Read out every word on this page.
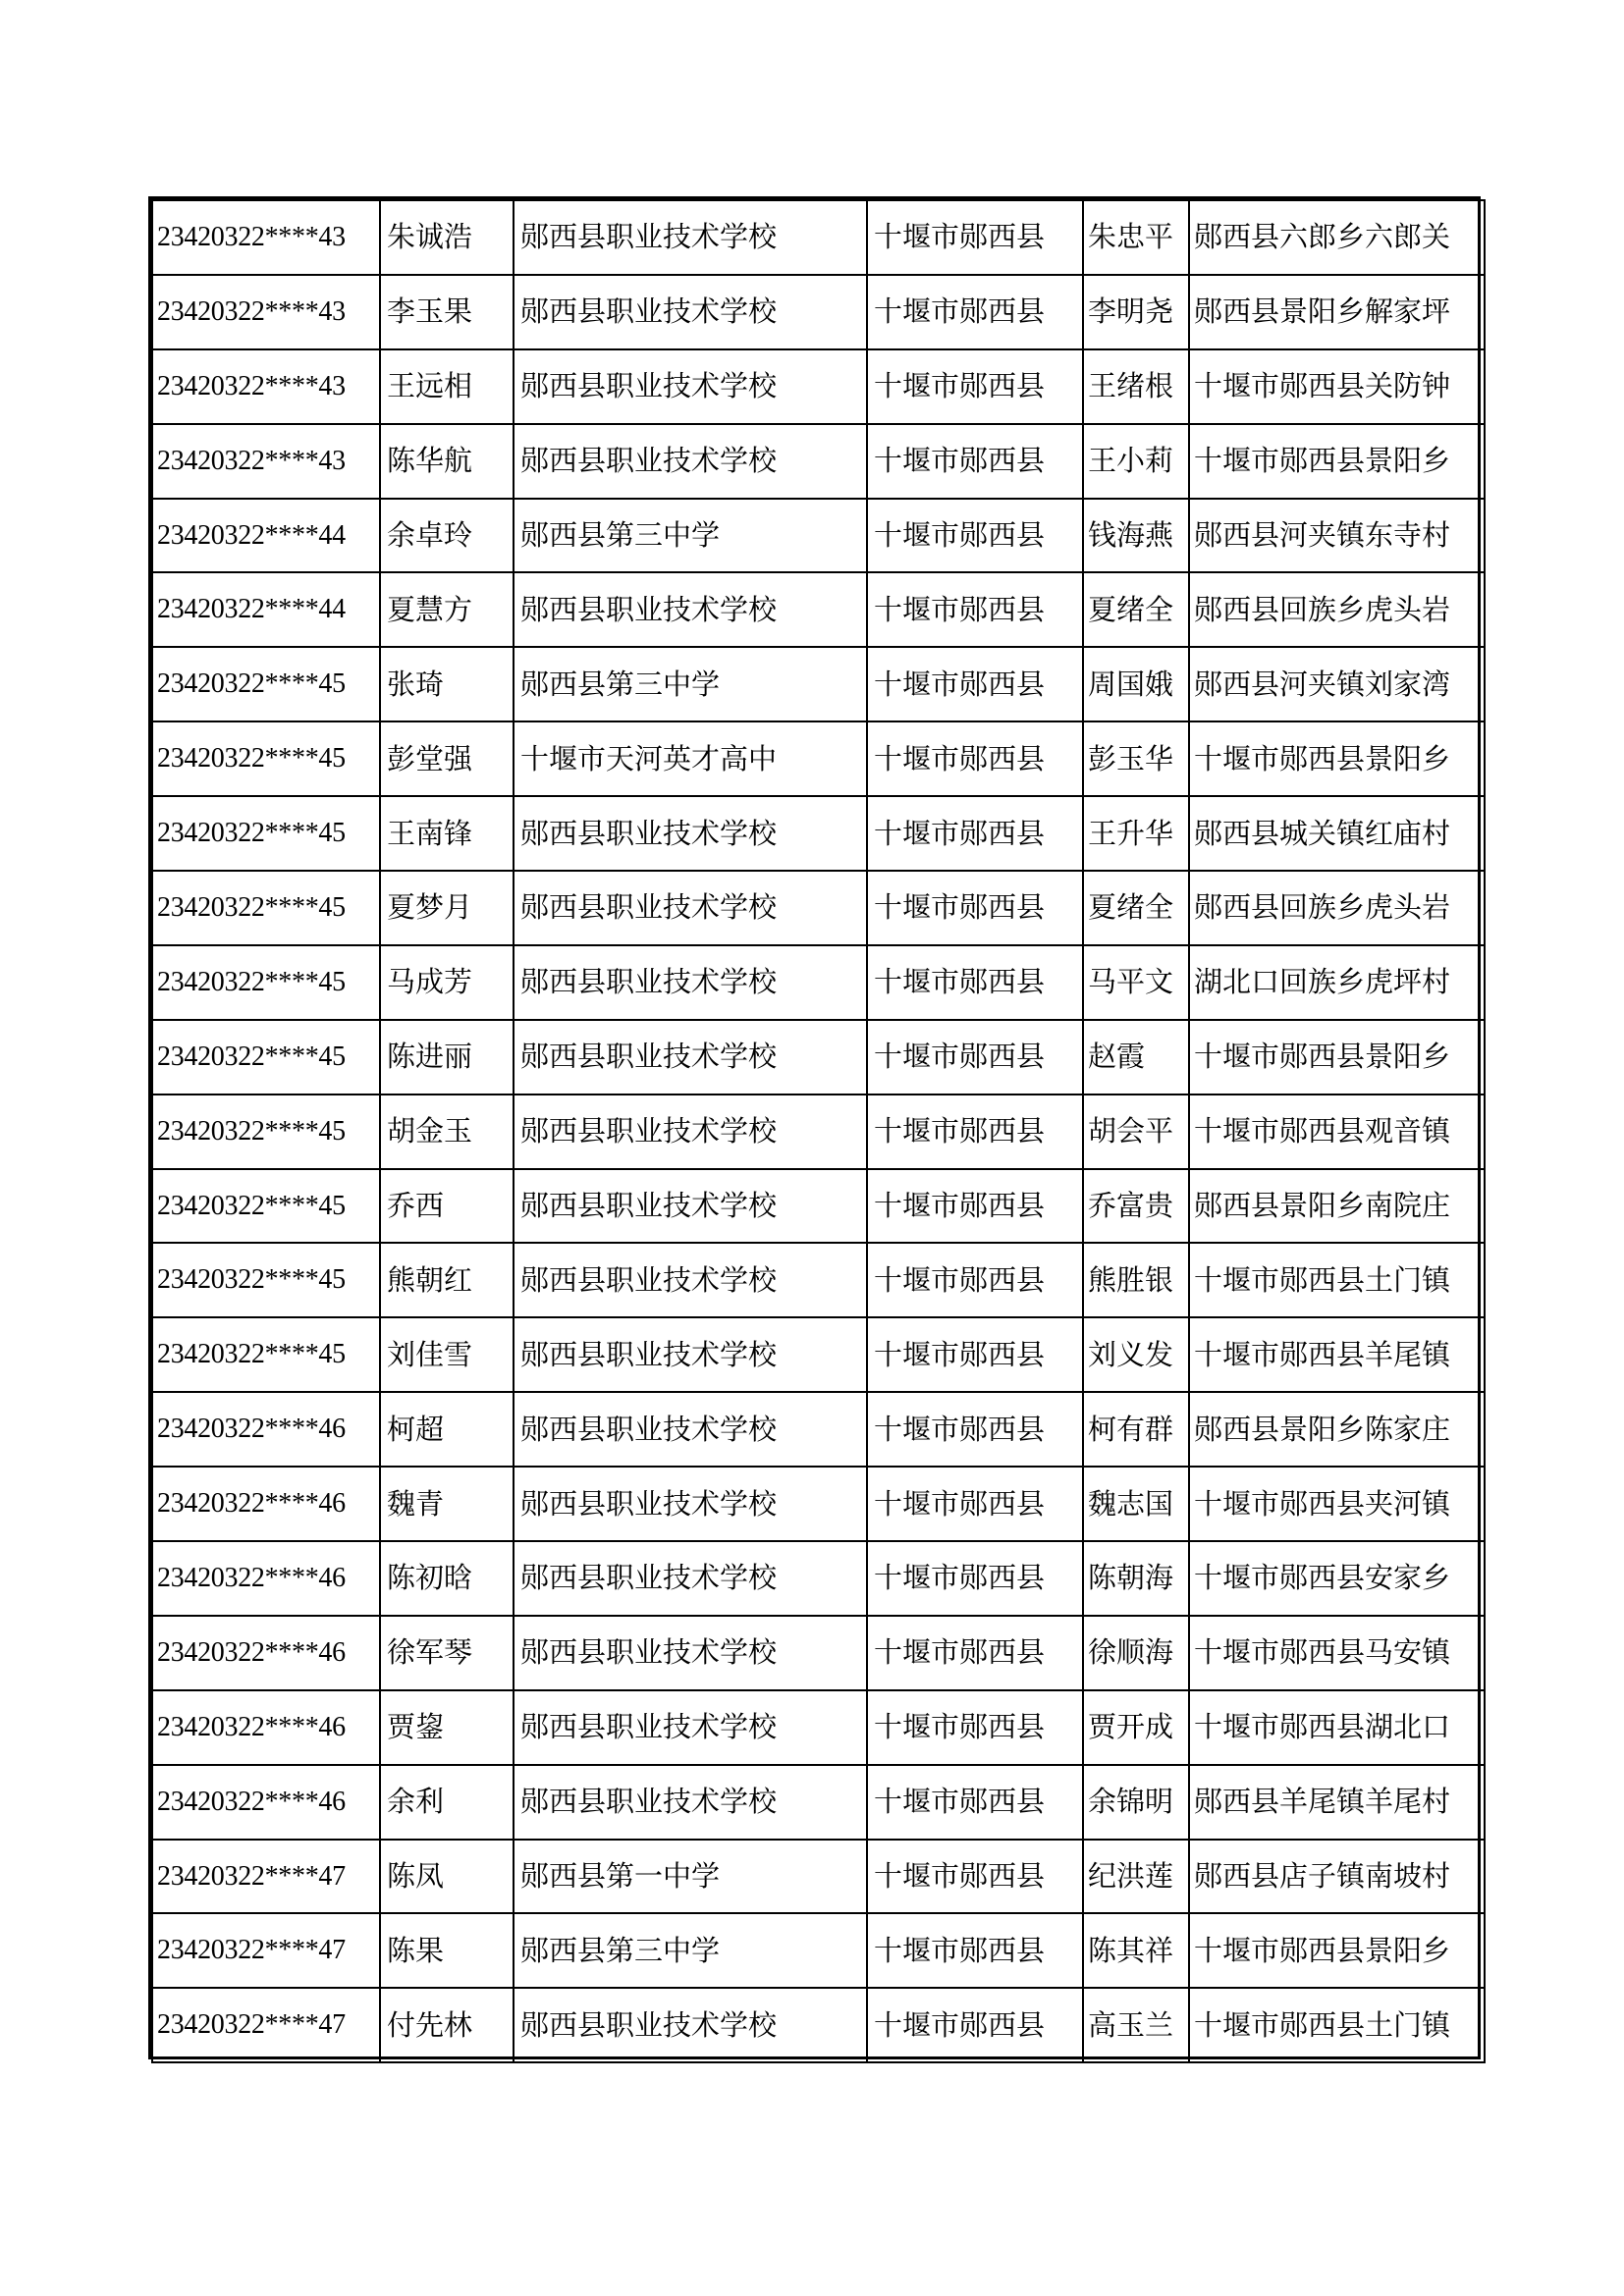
23420322****43	朱诚浩	郧西县职业技术学校	十堰市郧西县	朱忠平	郧西县六郎乡六郎关
23420322****43	李玉果	郧西县职业技术学校	十堰市郧西县	李明尧	郧西县景阳乡解家坪
23420322****43	王远相	郧西县职业技术学校	十堰市郧西县	王绪根	十堰市郧西县关防钟
23420322****43	陈华航	郧西县职业技术学校	十堰市郧西县	王小莉	十堰市郧西县景阳乡
23420322****44	余卓玲	郧西县第三中学	十堰市郧西县	钱海燕	郧西县河夹镇东寺村
23420322****44	夏慧方	郧西县职业技术学校	十堰市郧西县	夏绪全	郧西县回族乡虎头岩
23420322****45	张琦	郧西县第三中学	十堰市郧西县	周国娥	郧西县河夹镇刘家湾
23420322****45	彭堂强	十堰市天河英才高中	十堰市郧西县	彭玉华	十堰市郧西县景阳乡
23420322****45	王南锋	郧西县职业技术学校	十堰市郧西县	王升华	郧西县城关镇红庙村
23420322****45	夏梦月	郧西县职业技术学校	十堰市郧西县	夏绪全	郧西县回族乡虎头岩
23420322****45	马成芳	郧西县职业技术学校	十堰市郧西县	马平文	湖北口回族乡虎坪村
23420322****45	陈进丽	郧西县职业技术学校	十堰市郧西县	赵霞	十堰市郧西县景阳乡
23420322****45	胡金玉	郧西县职业技术学校	十堰市郧西县	胡会平	十堰市郧西县观音镇
23420322****45	乔西	郧西县职业技术学校	十堰市郧西县	乔富贵	郧西县景阳乡南院庄
23420322****45	熊朝红	郧西县职业技术学校	十堰市郧西县	熊胜银	十堰市郧西县土门镇
23420322****45	刘佳雪	郧西县职业技术学校	十堰市郧西县	刘义发	十堰市郧西县羊尾镇
23420322****46	柯超	郧西县职业技术学校	十堰市郧西县	柯有群	郧西县景阳乡陈家庄
23420322****46	魏青	郧西县职业技术学校	十堰市郧西县	魏志国	十堰市郧西县夹河镇
23420322****46	陈初晗	郧西县职业技术学校	十堰市郧西县	陈朝海	十堰市郧西县安家乡
23420322****46	徐军琴	郧西县职业技术学校	十堰市郧西县	徐顺海	十堰市郧西县马安镇
23420322****46	贾鋆	郧西县职业技术学校	十堰市郧西县	贾开成	十堰市郧西县湖北口
23420322****46	余利	郧西县职业技术学校	十堰市郧西县	余锦明	郧西县羊尾镇羊尾村
23420322****47	陈凤	郧西县第一中学	十堰市郧西县	纪洪莲	郧西县店子镇南坡村
23420322****47	陈果	郧西县第三中学	十堰市郧西县	陈其祥	十堰市郧西县景阳乡
23420322****47	付先林	郧西县职业技术学校	十堰市郧西县	高玉兰	十堰市郧西县土门镇
